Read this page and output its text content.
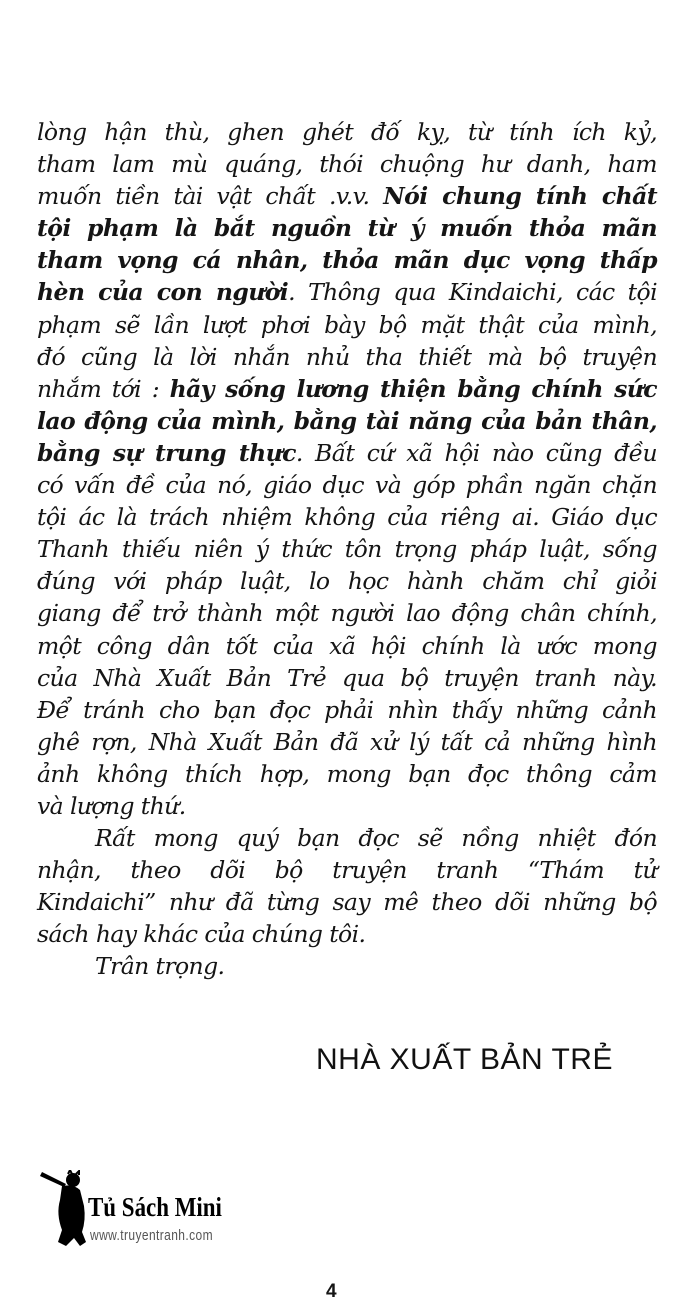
lòng hận thù, ghen ghét đố kỵ, từ tính ích kỷ,
tham lam mù quáng, thói chuộng hư danh, ham
muốn tiền tài vật chất .v.v. Nói chung tính chất
tội phạm là bắt nguồn từ ý muốn thỏa mãn
tham vọng cá nhân, thỏa mãn dục vọng thấp
hèn của con người. Thông qua Kindaichi, các tội
phạm sẽ lần lượt phơi bày bộ mặt thật của mình,
đó cũng là lời nhắn nhủ tha thiết mà bộ truyện
nhắm tới : hãy sống lương thiện bằng chính sức
lao động của mình, bằng tài năng của bản thân,
bằng sự trung thực. Bất cứ xã hội nào cũng đều
có vấn đề của nó, giáo dục và góp phần ngăn chặn
tội ác là trách nhiệm không của riêng ai. Giáo dục
Thanh thiếu niên ý thức tôn trọng pháp luật, sống
đúng với pháp luật, lo học hành chăm chỉ giỏi
giang để trở thành một người lao động chân chính,
một công dân tốt của xã hội chính là ước mong
của Nhà Xuất Bản Trẻ qua bộ truyện tranh này.
Để tránh cho bạn đọc phải nhìn thấy những cảnh
ghê rợn, Nhà Xuất Bản đã xử lý tất cả những hình
ảnh không thích hợp, mong bạn đọc thông cảm
và lượng thứ.
Rất mong quý bạn đọc sẽ nồng nhiệt đón
nhận, theo dõi bộ truyện tranh “Thám tử
Kindaichi” như đã từng say mê theo dõi những bộ
sách hay khác của chúng tôi.
Trân trọng.
NHÀ XUẤT BẢN TRẺ
Tủ Sách Mini
www.truyentranh.com
4
